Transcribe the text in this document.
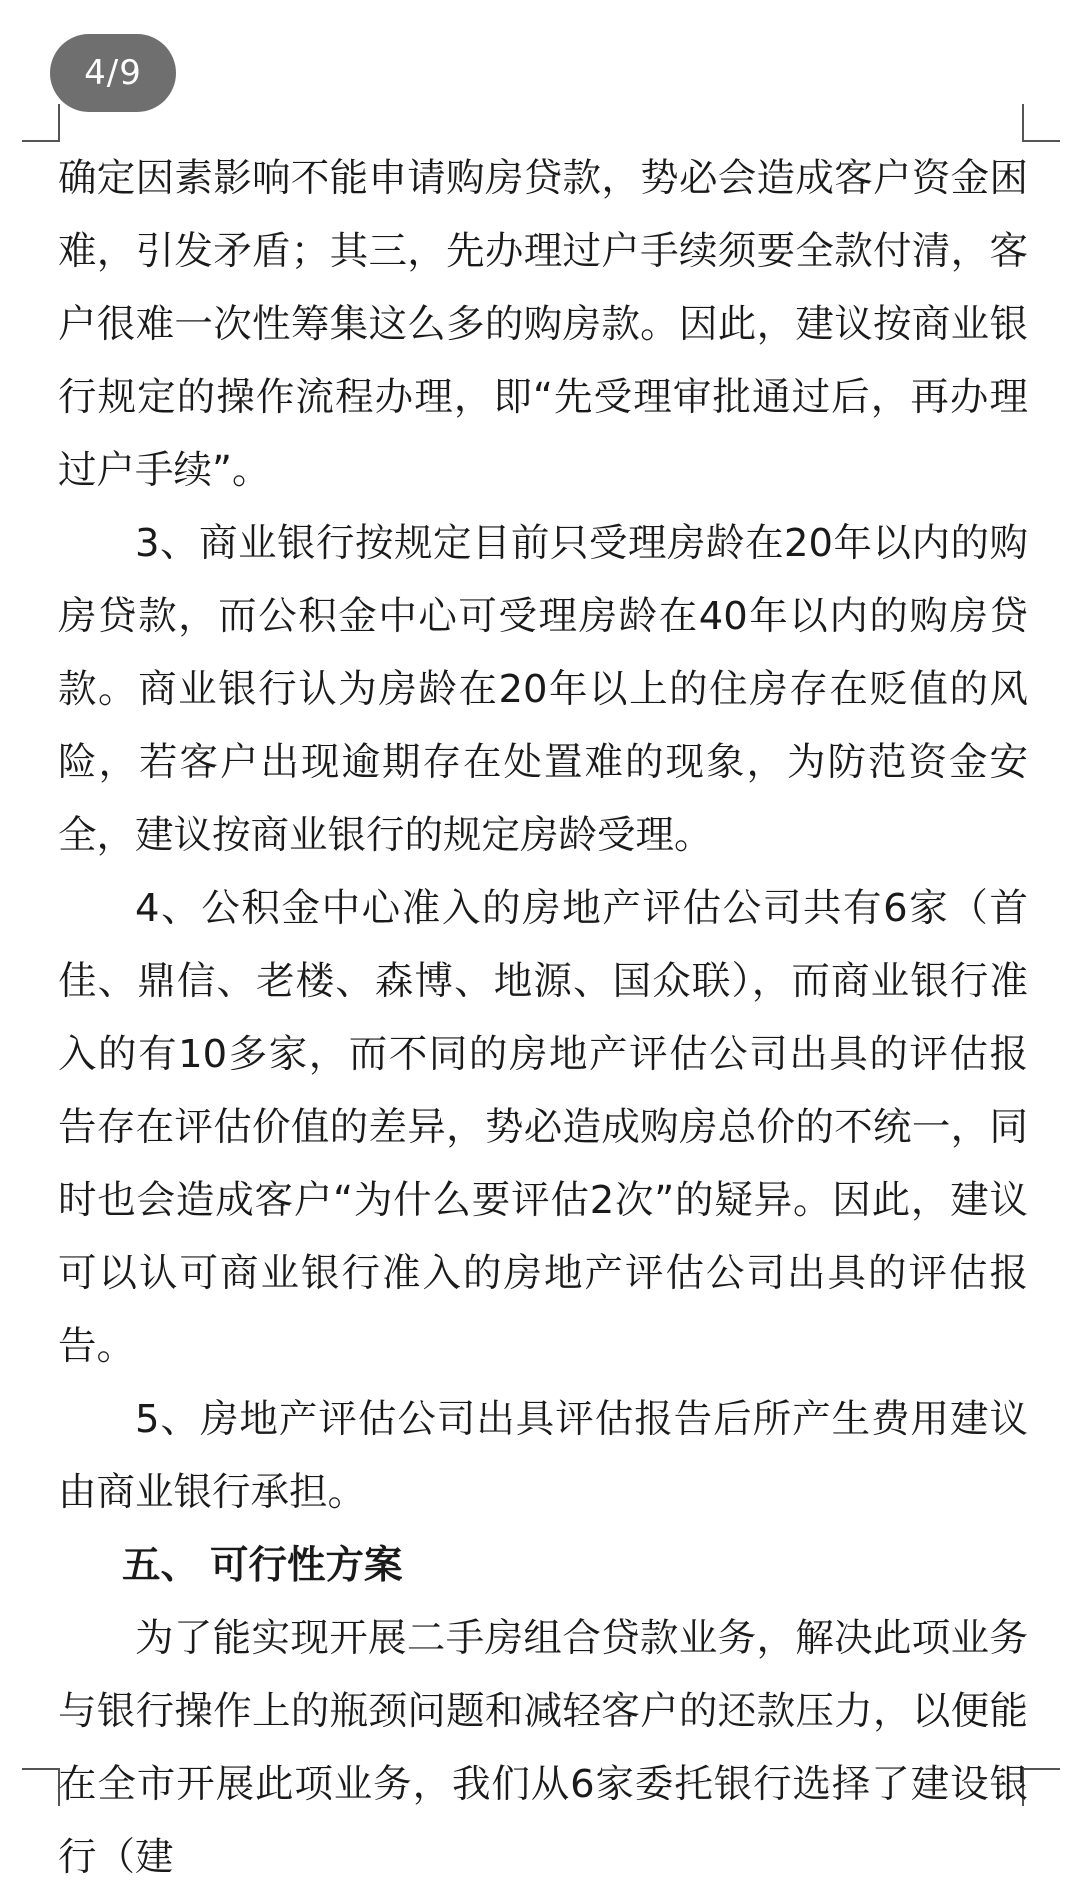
4/9

确定因素影响不能申请购房贷款，势必会造成客户资金困难，引发矛盾；其三，先办理过户手续须要全款付清，客户很难一次性筹集这么多的购房款。因此，建议按商业银行规定的操作流程办理，即“先受理审批通过后，再办理过户手续”。

3、商业银行按规定目前只受理房龄在20年以内的购房贷款，而公积金中心可受理房龄在40年以内的购房贷款。商业银行认为房龄在20年以上的住房存在贬值的风险，若客户出现逾期存在处置难的现象，为防范资金安全，建议按商业银行的规定房龄受理。

4、公积金中心准入的房地产评估公司共有6家（首佳、鼎信、老楼、森博、地源、国众联），而商业银行准入的有10多家，而不同的房地产评估公司出具的评估报告存在评估价值的差异，势必造成购房总价的不统一，同时也会造成客户“为什么要评估2次”的疑异。因此，建议可以认可商业银行准入的房地产评估公司出具的评估报告。

5、房地产评估公司出具评估报告后所产生费用建议由商业银行承担。

五、 可行性方案

为了能实现开展二手房组合贷款业务，解决此项业务与银行操作上的瓶颈问题和减轻客户的还款压力，以便能在全市开展此项业务，我们从6家委托银行选择了建设银行（建
